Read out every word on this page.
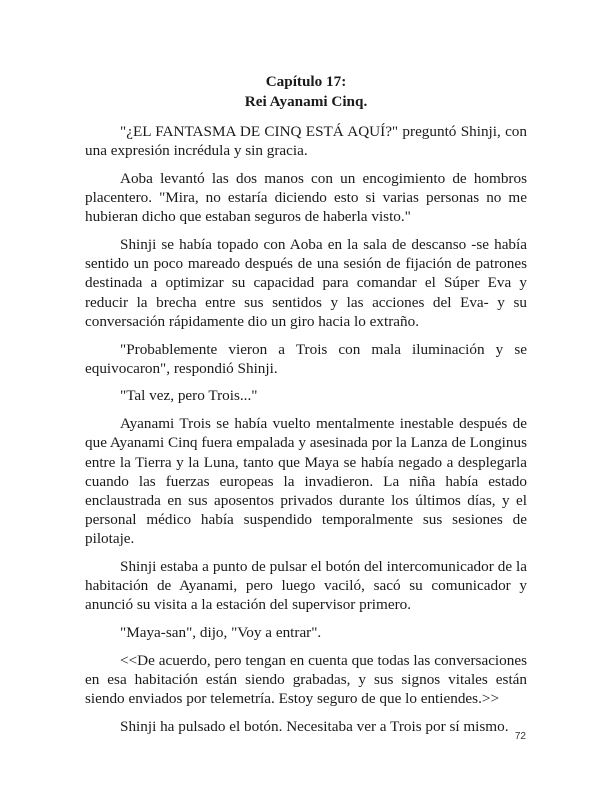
Capítulo 17:
Rei Ayanami Cinq.

"¿EL FANTASMA DE CINQ ESTÁ AQUÍ?" preguntó Shinji, con una expresión incrédula y sin gracia.

Aoba levantó las dos manos con un encogimiento de hombros placentero. "Mira, no estaría diciendo esto si varias personas no me hubieran dicho que estaban seguros de haberla visto."

Shinji se había topado con Aoba en la sala de descanso -se había sentido un poco mareado después de una sesión de fijación de patrones destinada a optimizar su capacidad para comandar el Súper Eva y reducir la brecha entre sus sentidos y las acciones del Eva- y su conversación rápidamente dio un giro hacia lo extraño.

"Probablemente vieron a Trois con mala iluminación y se equivocaron", respondió Shinji.

"Tal vez, pero Trois..."

Ayanami Trois se había vuelto mentalmente inestable después de que Ayanami Cinq fuera empalada y asesinada por la Lanza de Longinus entre la Tierra y la Luna, tanto que Maya se había negado a desplegarla cuando las fuerzas europeas la invadieron. La niña había estado enclaustrada en sus aposentos privados durante los últimos días, y el personal médico había suspendido temporalmente sus sesiones de pilotaje.

Shinji estaba a punto de pulsar el botón del intercomunicador de la habitación de Ayanami, pero luego vaciló, sacó su comunicador y anunció su visita a la estación del supervisor primero.

"Maya-san", dijo, "Voy a entrar".

<<De acuerdo, pero tengan en cuenta que todas las conversaciones en esa habitación están siendo grabadas, y sus signos vitales están siendo enviados por telemetría. Estoy seguro de que lo entiendes.>>

Shinji ha pulsado el botón. Necesitaba ver a Trois por sí mismo.

72
